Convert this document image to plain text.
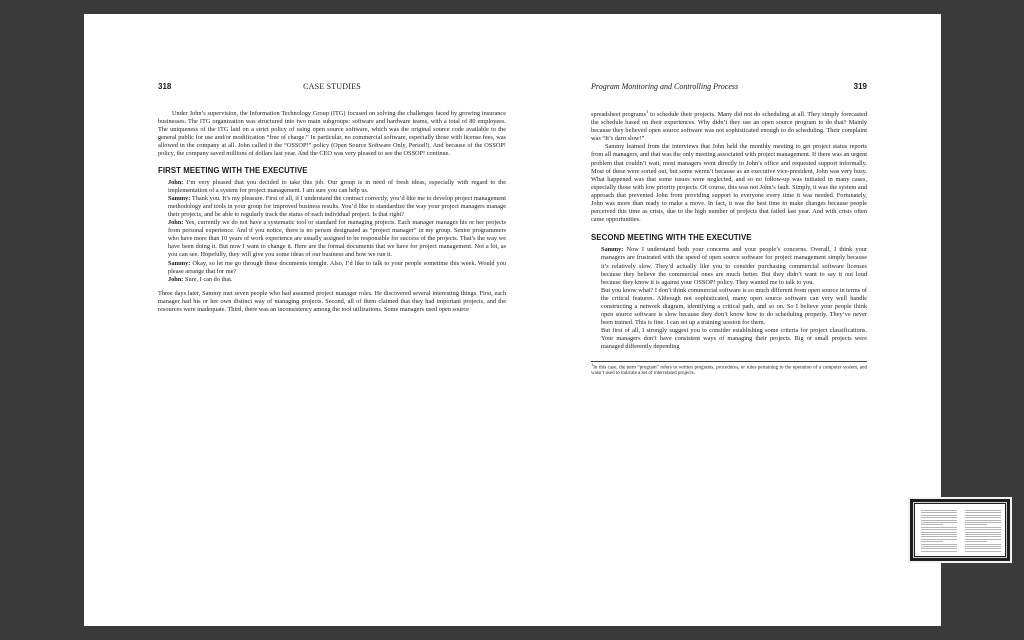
318	CASE STUDIES

Under John’s supervision, the Information Technology Group (ITG) focused on solving the challenges faced by growing insurance businesses. The ITG organization was structured into two main subgroups: software and hardware teams, with a total of 80 employees. The uniqueness of the ITG laid on a strict policy of using open source software, which was the original source code available to the general public for use and/or modification “free of charge.” In particular, no commercial software, especially those with license fees, was allowed in the company at all. John called it the “OSSOP!” policy (Open Source Software Only, Period!). And because of the OSSOP! policy, the company saved millions of dollars last year. And the CEO was very pleased to see the OSSOP! continue.

FIRST MEETING WITH THE EXECUTIVE

John: I’m very pleased that you decided to take this job. Our group is in need of fresh ideas, especially with regard to the implementation of a system for project management. I am sure you can help us.

Sammy: Thank you. It’s my pleasure. First of all, if I understand the contract correctly, you’d like me to develop project management methodology and tools in your group for improved business results. You’d like to standardize the way your project managers manage their projects, and be able to regularly track the status of each individual project. Is that right?

John: Yes, currently we do not have a systematic tool or standard for managing projects. Each manager manages his or her projects from personal experience. And if you notice, there is no person designated as “project manager” in my group. Senior programmers who have more than 10 years of work experience are usually assigned to be responsible for success of the projects. That’s the way we have been doing it. But now I want to change it. Here are the formal documents that we have for project management. Not a lot, as you can see. Hopefully, they will give you some ideas of our business and how we run it.

Sammy: Okay, so let me go through these documents tonight. Also, I’d like to talk to your people sometime this week. Would you please arrange that for me?

John: Sure, I can do that.

Three days later, Sammy met seven people who had assumed project manager roles. He discovered several interesting things. First, each manager had his or her own distinct way of managing projects. Second, all of them claimed that they had important projects, and the resources were inadequate. Third, there was an inconsistency among the tool utilizations. Some managers used open source

Program Monitoring and Controlling Process	319

spreadsheet programs$^1$ to schedule their projects. Many did not do scheduling at all. They simply forecasted the schedule based on their experiences. Why didn’t they use an open source program to do that? Mainly because they believed open source software was not sophisticated enough to do scheduling. Their complaint was “It’s darn slow!”

Sammy learned from the interviews that John held the monthly meeting to get project status reports from all managers, and that was the only meeting associated with project management. If there was an urgent problem that couldn’t wait, most managers went directly to John’s office and requested support informally. Most of these were sorted out, but some weren’t because as an executive vice-president, John was very busy. What happened was that some issues were neglected, and so no follow-up was initiated in many cases, especially those with low priority projects. Of course, this was not John’s fault. Simply, it was the system and approach that prevented John from providing support to everyone every time it was needed. Fortunately, John was more than ready to make a move. In fact, it was the best time to make changes because people perceived this time as crisis, due to the high number of projects that failed last year. And with crisis often came opportunities.

SECOND MEETING WITH THE EXECUTIVE

Sammy: Now I understand both your concerns and your people’s concerns. Overall, I think your managers are frustrated with the speed of open source software for project management simply because it’s relatively slow. They’d actually like you to consider purchasing commercial software licenses because they believe the commercial ones are much better. But they didn’t want to say it out loud because they know it is against your OSSOP! policy. They wanted me to talk to you.

But you know what? I don’t think commercial software is so much different from open source in terms of the critical features. Although not sophisticated, many open source software can very well handle constructing a network diagram, identifying a critical path, and so on. So I believe your people think open source software is slow because they don’t know how to do scheduling properly. They’ve never been trained. This is fine. I can set up a training session for them.

But first of all, I strongly suggest you to consider establishing some criteria for project classifications. Your managers don’t have consistent ways of managing their projects. Big or small projects were managed differently depending

$^1$In this case, the term “program” refers to written programs, procedures, or rules pertaining to the operation of a computer system, and wasn’t used to indicate a set of interrelated projects.
